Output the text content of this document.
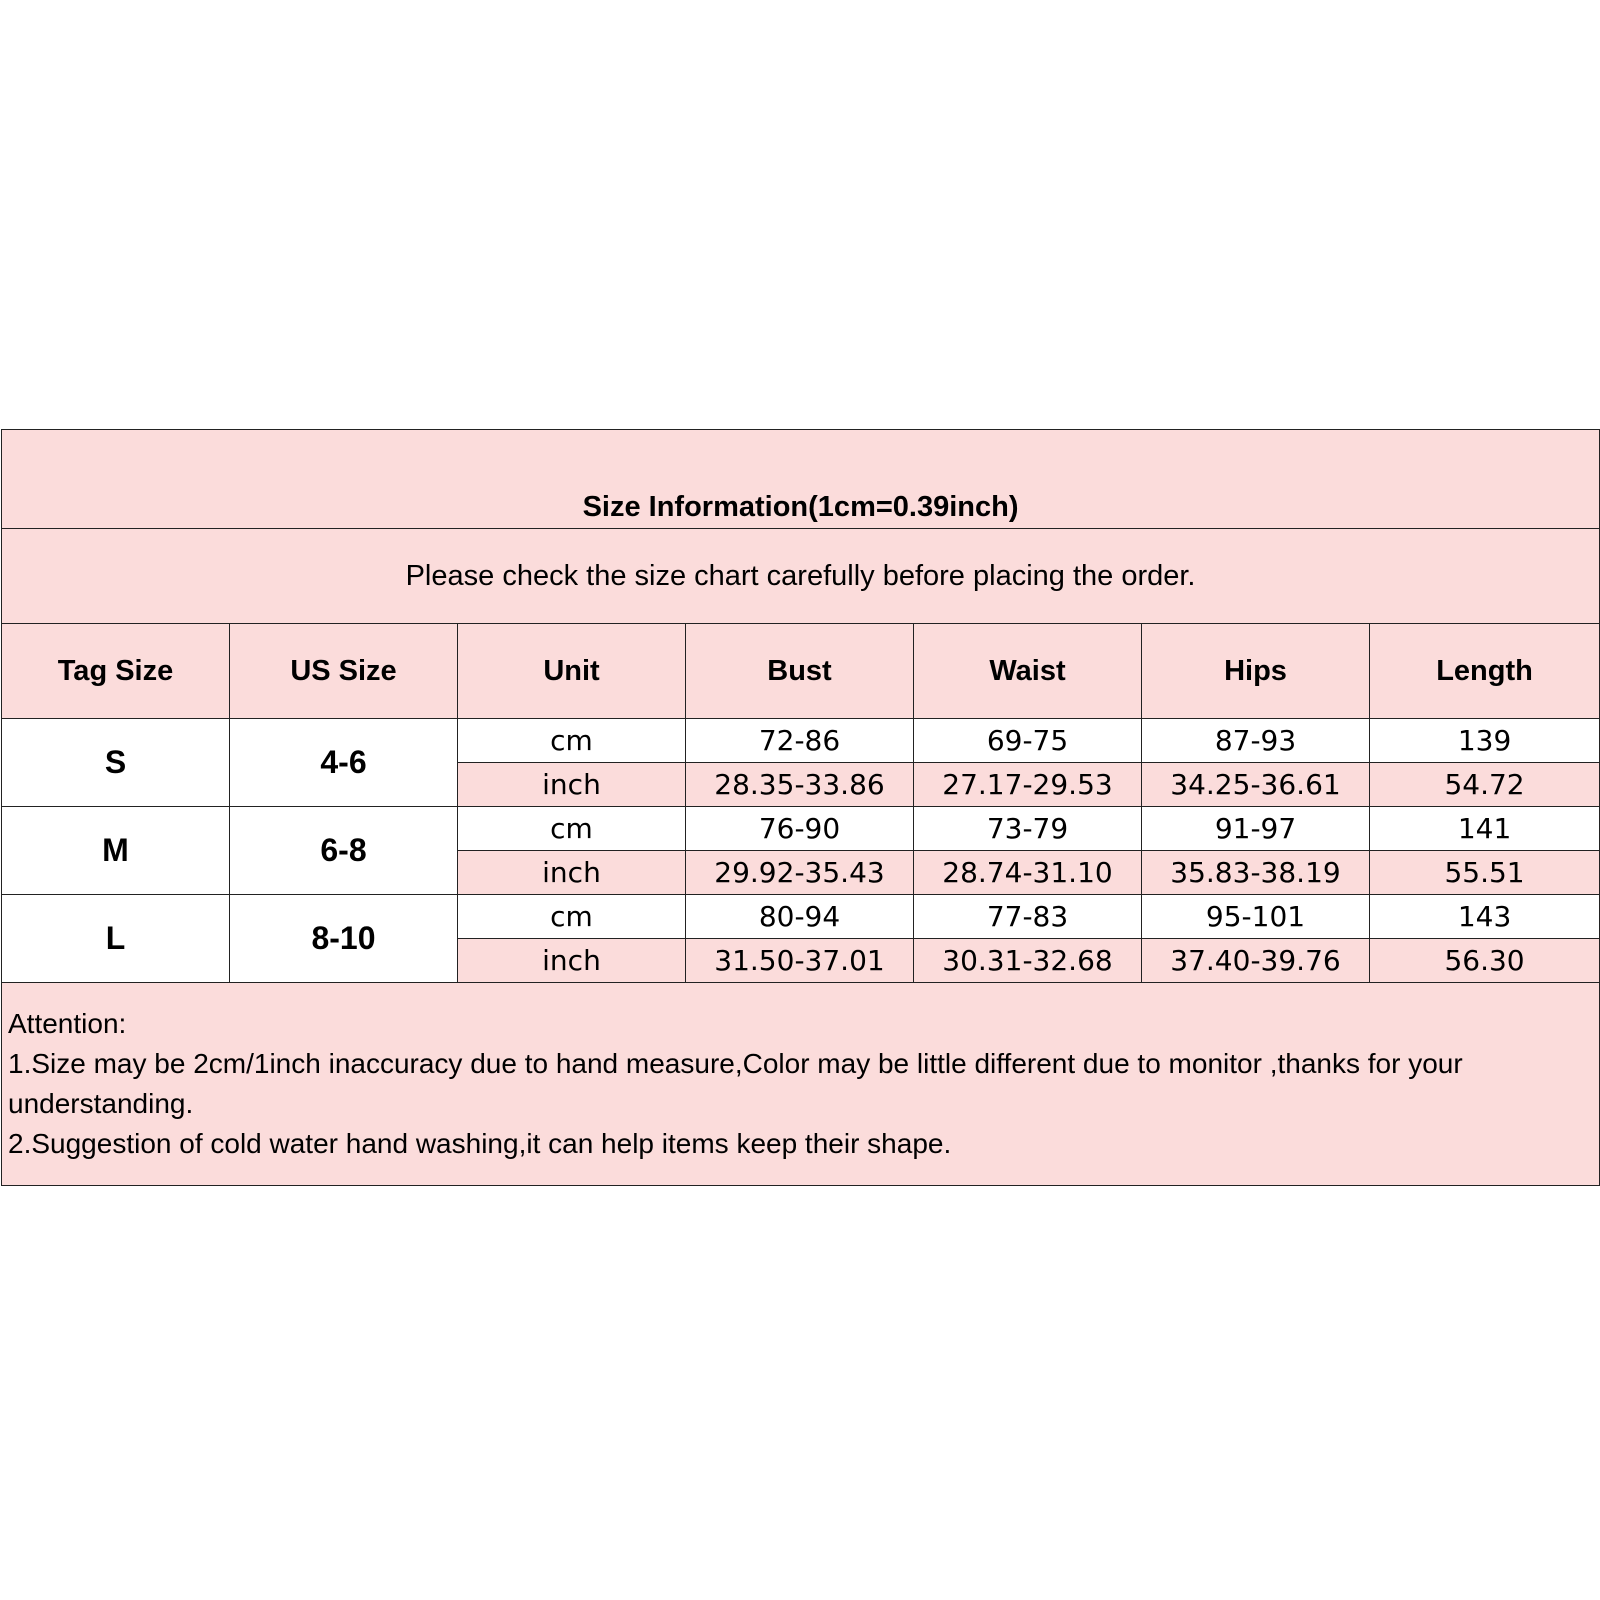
Size Information(1cm=0.39inch)						
Please check the size chart carefully before placing the order.						
Tag Size	US Size	Unit	Bust	Waist	Hips	Length
S	4-6	cm	72-86	69-75	87-93	139
		inch	28.35-33.86	27.17-29.53	34.25-36.61	54.72
M	6-8	cm	76-90	73-79	91-97	141
		inch	29.92-35.43	28.74-31.10	35.83-38.19	55.51
L	8-10	cm	80-94	77-83	95-101	143
		inch	31.50-37.01	30.31-32.68	37.40-39.76	56.30

Attention:
1.Size may be 2cm/1inch inaccuracy due to hand measure,Color may be little different due to monitor ,thanks for your understanding.
2.Suggestion of cold water hand washing,it can help items keep their shape.						
